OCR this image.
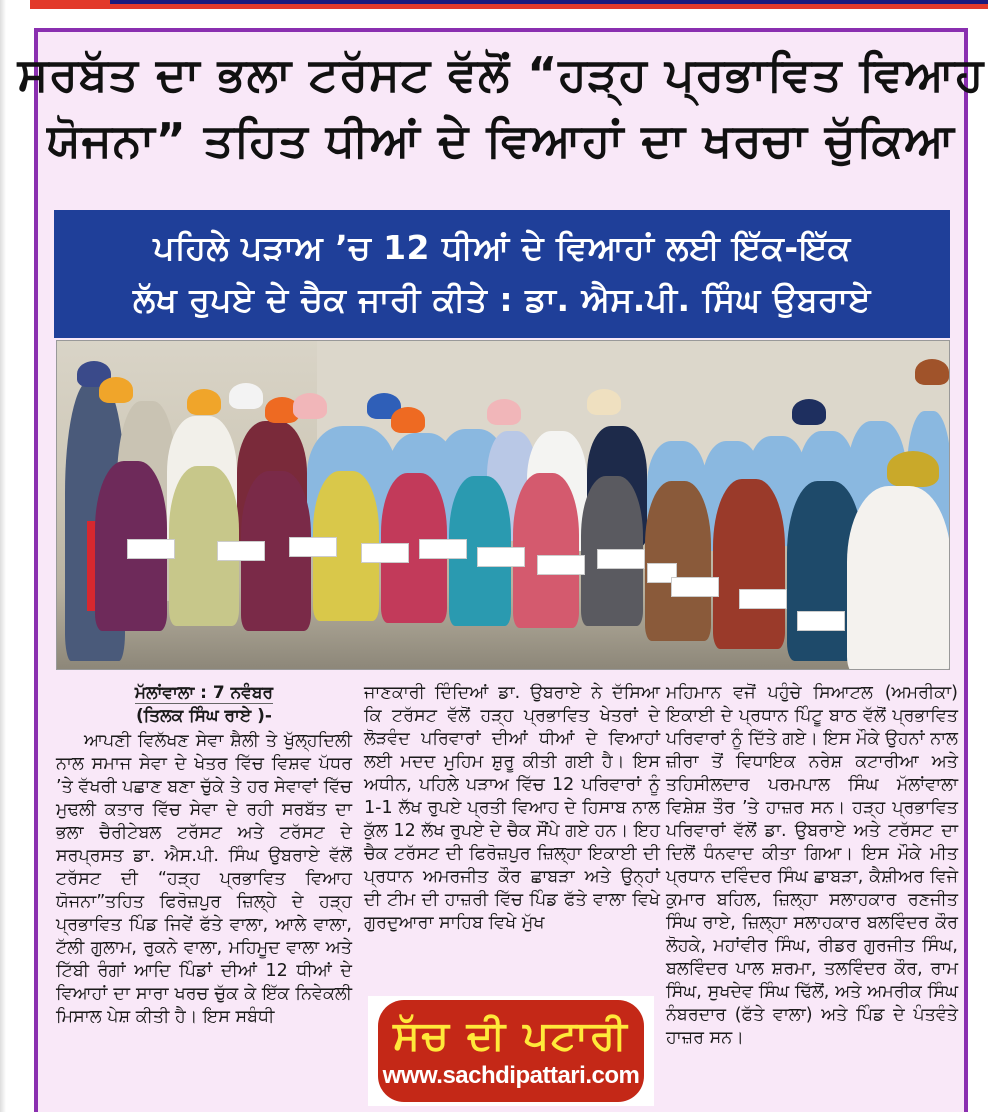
ਸਰਬੱਤ ਦਾ ਭਲਾ ਟਰੱਸਟ ਵੱਲੋਂ “ਹੜ੍ਹ ਪ੍ਰਭਾਵਿਤ ਵਿਆਹ
ਯੋਜਨਾ” ਤਹਿਤ ਧੀਆਂ ਦੇ ਵਿਆਹਾਂ ਦਾ ਖਰਚਾ ਚੁੱਕਿਆ
ਪਹਿਲੇ ਪੜਾਅ ’ਚ 12 ਧੀਆਂ ਦੇ ਵਿਆਹਾਂ ਲਈ ਇੱਕ-ਇੱਕ
ਲੱਖ ਰੁਪਏ ਦੇ ਚੈਕ ਜਾਰੀ ਕੀਤੇ : ਡਾ. ਐਸ.ਪੀ. ਸਿੰਘ ਉਬਰਾਏ
ਮੱਲਾਂਵਾਲਾ : 7 ਨਵੰਬਰ
(ਤਿਲਕ ਸਿੰਘ ਰਾਏ )-
ਆਪਣੀ ਵਿਲੱਖਣ ਸੇਵਾ ਸ਼ੈਲੀ ਤੇ ਖੁੱਲ੍ਹਦਿਲੀ ਨਾਲ ਸਮਾਜ ਸੇਵਾ ਦੇ ਖੇਤਰ ਵਿੱਚ ਵਿਸ਼ਵ ਪੱਧਰ ’ਤੇ ਵੱਖਰੀ ਪਛਾਣ ਬਣਾ ਚੁੱਕੇ ਤੇ ਹਰ ਸੇਵਾਵਾਂ ਵਿੱਚ ਮੁਢਲੀ ਕਤਾਰ ਵਿੱਚ ਸੇਵਾ ਦੇ ਰਹੀ ਸਰਬੱਤ ਦਾ ਭਲਾ ਚੈਰੀਟੇਬਲ ਟਰੱਸਟ ਅਤੇ ਟਰੱਸਟ ਦੇ ਸਰਪ੍ਰਸਤ ਡਾ. ਐਸ.ਪੀ. ਸਿੰਘ ਉਬਰਾਏ ਵੱਲੋਂ ਟਰੱਸਟ ਦੀ “ਹੜ੍ਹ ਪ੍ਰਭਾਵਿਤ ਵਿਆਹ ਯੋਜਨਾ”ਤਹਿਤ ਫਿਰੋਜ਼ਪੁਰ ਜ਼ਿਲ੍ਹੇ ਦੇ ਹੜ੍ਹ ਪ੍ਰਭਾਵਿਤ ਪਿੰਡ ਜਿਵੇਂ ਫੱਤੇ ਵਾਲਾ, ਆਲੇ ਵਾਲਾ, ਟੱਲੀ ਗੁਲਾਮ, ਰੁਕਨੇ ਵਾਲਾ, ਮਹਿਮੂਦ ਵਾਲਾ ਅਤੇ ਟਿੱਬੀ ਰੰਗਾਂ ਆਦਿ ਪਿੰਡਾਂ ਦੀਆਂ 12 ਧੀਆਂ ਦੇ ਵਿਆਹਾਂ ਦਾ ਸਾਰਾ ਖਰਚ ਚੁੱਕ ਕੇ ਇੱਕ ਨਿਵੇਕਲੀ ਮਿਸਾਲ ਪੇਸ਼ ਕੀਤੀ ਹੈ। ਇਸ ਸਬੰਧੀ
ਜਾਣਕਾਰੀ ਦਿੰਦਿਆਂ ਡਾ. ਉਬਰਾਏ ਨੇ ਦੱਸਿਆ ਕਿ ਟਰੱਸਟ ਵੱਲੋਂ ਹੜ੍ਹ ਪ੍ਰਭਾਵਿਤ ਖੇਤਰਾਂ ਦੇ ਲੋੜਵੰਦ ਪਰਿਵਾਰਾਂ ਦੀਆਂ ਧੀਆਂ ਦੇ ਵਿਆਹਾਂ ਲਈ ਮਦਦ ਮੁਹਿਮ ਸ਼ੁਰੂ ਕੀਤੀ ਗਈ ਹੈ। ਇਸ ਅਧੀਨ, ਪਹਿਲੇ ਪੜਾਅ ਵਿੱਚ 12 ਪਰਿਵਾਰਾਂ ਨੂੰ 1-1 ਲੱਖ ਰੁਪਏ ਪ੍ਰਤੀ ਵਿਆਹ ਦੇ ਹਿਸਾਬ ਨਾਲ ਕੁੱਲ 12 ਲੱਖ ਰੁਪਏ ਦੇ ਚੈਕ ਸੌਂਪੇ ਗਏ ਹਨ। ਇਹ ਚੈਕ ਟਰੱਸਟ ਦੀ ਫਿਰੋਜ਼ਪੁਰ ਜ਼ਿਲ੍ਹਾ ਇਕਾਈ ਦੀ ਪ੍ਰਧਾਨ ਅਮਰਜੀਤ ਕੌਰ ਛਾਬੜਾ ਅਤੇ ਉਨ੍ਹਾਂ ਦੀ ਟੀਮ ਦੀ ਹਾਜ਼ਰੀ ਵਿੱਚ ਪਿੰਡ ਫੱਤੇ ਵਾਲਾ ਵਿਖੇ ਗੁਰਦੁਆਰਾ ਸਾਹਿਬ ਵਿਖੇ ਮੁੱਖ
ਮਹਿਮਾਨ ਵਜੋਂ ਪਹੁੰਚੇ ਸਿਆਟਲ (ਅਮਰੀਕਾ) ਇਕਾਈ ਦੇ ਪ੍ਰਧਾਨ ਪਿੰਟੂ ਬਾਠ ਵੱਲੋਂ ਪ੍ਰਭਾਵਿਤ ਪਰਿਵਾਰਾਂ ਨੂੰ ਦਿੱਤੇ ਗਏ। ਇਸ ਮੌਕੇ ਉਹਨਾਂ ਨਾਲ ਜ਼ੀਰਾ ਤੋਂ ਵਿਧਾਇਕ ਨਰੇਸ਼ ਕਟਾਰੀਆ ਅਤੇ ਤਹਿਸੀਲਦਾਰ ਪਰਮਪਾਲ ਸਿੰਘ ਮੱਲਾਂਵਾਲਾ ਵਿਸ਼ੇਸ਼ ਤੌਰ ’ਤੇ ਹਾਜ਼ਰ ਸਨ। ਹੜ੍ਹ ਪ੍ਰਭਾਵਿਤ ਪਰਿਵਾਰਾਂ ਵੱਲੋਂ ਡਾ. ਉਬਰਾਏ ਅਤੇ ਟਰੱਸਟ ਦਾ ਦਿਲੋਂ ਧੰਨਵਾਦ ਕੀਤਾ ਗਿਆ। ਇਸ ਮੌਕੇ ਮੀਤ ਪ੍ਰਧਾਨ ਦਵਿੰਦਰ ਸਿੰਘ ਛਾਬੜਾ, ਕੈਸ਼ੀਅਰ ਵਿਜੇ ਕੁਮਾਰ ਬਹਿਲ, ਜ਼ਿਲ੍ਹਾ ਸਲਾਹਕਾਰ ਰਣਜੀਤ ਸਿੰਘ ਰਾਏ, ਜ਼ਿਲ੍ਹਾ ਸਲਾਹਕਾਰ ਬਲਵਿੰਦਰ ਕੌਰ ਲੋਹਕੇ, ਮਹਾਂਵੀਰ ਸਿੰਘ, ਰੀਡਰ ਗੁਰਜੀਤ ਸਿੰਘ, ਬਲਵਿੰਦਰ ਪਾਲ ਸ਼ਰਮਾ, ਤਲਵਿੰਦਰ ਕੌਰ, ਰਾਮ ਸਿੰਘ, ਸੁਖਦੇਵ ਸਿੰਘ ਢਿੱਲੋਂ, ਅਤੇ ਅਮਰੀਕ ਸਿੰਘ ਨੰਬਰਦਾਰ (ਫੱਤੇ ਵਾਲਾ) ਅਤੇ ਪਿੰਡ ਦੇ ਪੰਤਵੰਤੇ ਹਾਜ਼ਰ ਸਨ।
ਸੱਚ ਦੀ ਪਟਾਰੀ
www.sachdipattari.com
